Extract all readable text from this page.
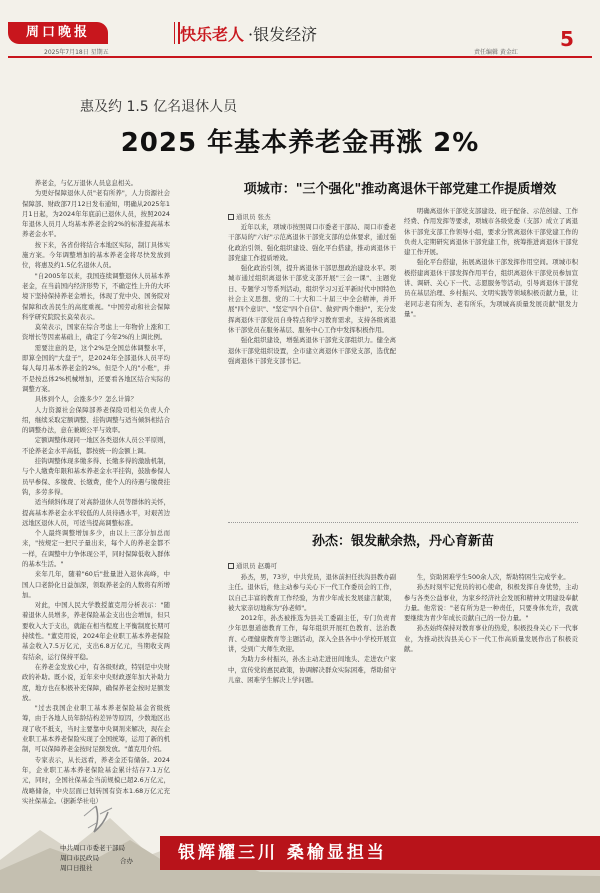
周口晚报
2025年7月18日 星期五
快乐老人 ·银发经济
责任编辑 黄金红
5
惠及约 1.5 亿名退休人员
2025 年基本养老金再涨 2%

养老金，与亿万退休人员息息相关。

为更好保障退休人员"老有所养"，人力资源社会保障部、财政部7月12日发布通知，明确从2025年1月1日起，为2024年年底前已退休人员，按照2024年退休人员月人均基本养老金的2%的标准提高基本养老金水平。

按下来，各省份将结合本地区实际，制订具体实施方案。今年调整增加的基本养老金将尽快发放到位，将惠及约1.5亿名退休人员。

"自2005年以来，我国连续调整退休人员基本养老金，在当前国内经济形势下，不确定性上升的大环境下坚持保持养老金增长，体现了党中央、国务院对保障和改善民生的高度重视。"中国劳动和社会保障科学研究院院长莫荣表示。

莫荣表示，国家在综合考虑上一年物价上涨和工资增长等因素基础上，确定了今年2%的上调比例。

需要注意的是，这个2%是全国总体调整水平，即算全国的"大盘子"，是2024年全部退休人员平均每人每月基本养老金的2%。但是个人的"小账"，并不是按总体2%机械增加，还要看各地区结合实际的调整方案。

具体到个人，会涨多少？怎么计算？

人力资源社会保障部养老保险司相关负责人介绍，继续采取定额调整、挂钩调整与适当倾斜相结合的调整办法，意在兼顾公平与效率。

定额调整体现同一地区各类退休人员公平原则，不论养老金水平高低，都按统一的金额上调。

挂钩调整体现多缴多得、长缴多得的激励机制，与个人缴费年限和基本养老金水平挂钩，鼓励参保人员早参保、多缴费、长缴费，使个人的待遇与缴费挂钩，多劳多得。

适当倾斜体现了对高龄退休人员等群体的关怀，提高基本养老金水平较低的人员待遇水平，对艰苦边远地区退休人员，可适当提高调整标准。

个人最终调整增加多少，由以上三部分加总而来，"按规定一把尺子量出来，每个人的养老金都不一样，在调整中力争体现公平，同时保障低收入群体的基本生活。"

来年几年，随着"60后"批量进入退休高峰，中国人口老龄化日益加深，领取养老金的人数将有所增加。

对此，中国人民大学教授董克用分析表示："随着退休人员增多，养老保险基金支出也会增加，但只要收入大于支出，就能在相当程度上平衡制度长期可持续性。"董克用说，2024年企业职工基本养老保险基金收入7.5万亿元，支出6.8万亿元，当期收支两有结余，运行保持平稳。

在养老金发放心中，有各级财政，特别是中央财政的补助。既小说，近年来中央财政逐年加大补助力度，地方也在积极补充保障，确保养老金按时足额发放。

"过去我国企业职工基本养老保险基金省级统筹，由于各地人员年龄结构差异等原因，少数地区出现了收不抵支，当时主要靠中央调剂来解决，现在企业职工基本养老保险实现了全国统筹，运用了新的机制，可以保障养老金按时足额发放。"董克用介绍。

专家表示，从长远看，养老金还有储备。2024年，企业职工基本养老保险基金累计结存7.1万亿元，同时，全国社保基金当前规模已超2.6万亿元，战略储备，中央层面已划转国有资本1.68万亿元充实社保基金。（据新华社电）

项城市："三个强化"推动离退休干部党建工作提质增效
通讯员 张杰

近年以来，项城市按照周口市委老干部局、周口市委老干部局的"六好"示范离退休干部党支部的总体要求，通过强化政治引领、强化组织建设、强化平台搭建，推动离退休干部党建工作提质增效。

强化政治引领，提升离退休干部思想政治建设水平。项城市通过组织离退休干部党支部开展"三会一课"、主题党日、专题学习等系列活动，组织学习习近平新时代中国特色社会主义思想、党的二十大和二十届三中全会精神，并开展"四个意识"、"坚定"四个自信"、做到"两个维护"，充分发挥离退休干部党员自身特点和学习教育需求，支持各级离退休干部党员在服务基层、服务中心工作中发挥积极作用。

强化组织建设，增强离退休干部党支部组织力。健全离退休干部党组织设置，全市建立离退休干部党支部，选优配强离退休干部党支部书记。

明确离退休干部党支部建设、班子配备、示范创建、工作经费、作用发挥等要求，项城市各级党委（支部）成立了离退休干部党支部工作领导小组，要求分管离退休干部党建工作的负责人定期研究离退休干部党建工作，统筹推进离退休干部党建工作开展。

强化平台搭建，拓展离退休干部发挥作用空间。项城市积极搭建离退休干部发挥作用平台，组织离退休干部党员参加宣讲、调研、关心下一代、志愿服务等活动，引导离退休干部党员在基层治理、乡村振兴、文明实践等领域积极贡献力量，让老同志老有所为、老有所乐，为项城高质量发展贡献"银发力量"。

孙杰：银发献余热，丹心育新苗
通讯员 赵璐可

孙杰，男，73岁，中共党员，退休前担任扶沟县教办副主任。退休后，他主动参与关心下一代工作委员会的工作，以自己丰富的教育工作经验，为青少年成长发展建言献策，被大家亲切地称为"孙老师"。

2012年，孙杰被推选为县关工委副主任，专门负责青少年思想道德教育工作，每年组织开展红色教育、法治教育、心理健康教育等主题活动，深入全县各中小学校开展宣讲，受到广大师生欢迎。

为助力乡村振兴，孙杰主动走进田间地头、走进农户家中，宣传党的惠民政策，协调解决群众实际困难，帮助留守儿童、困难学生解决上学问题。

生，资助困难学生500余人次，帮助特困生完成学业。

孙杰时刻牢记党员的初心使命，积极发挥自身优势，主动参与各类公益事业，为家乡经济社会发展和精神文明建设奉献力量。他常说："老有所为是一种责任，只要身体允许，我就要继续为青少年成长贡献自己的一份力量。"

孙杰始终保持对教育事业的热爱，积极投身关心下一代事业，为推动扶沟县关心下一代工作高质量发展作出了积极贡献。

银辉耀三川 桑榆显担当
中共周口市委老干部局
周口市民政局
周口日报社
合办
